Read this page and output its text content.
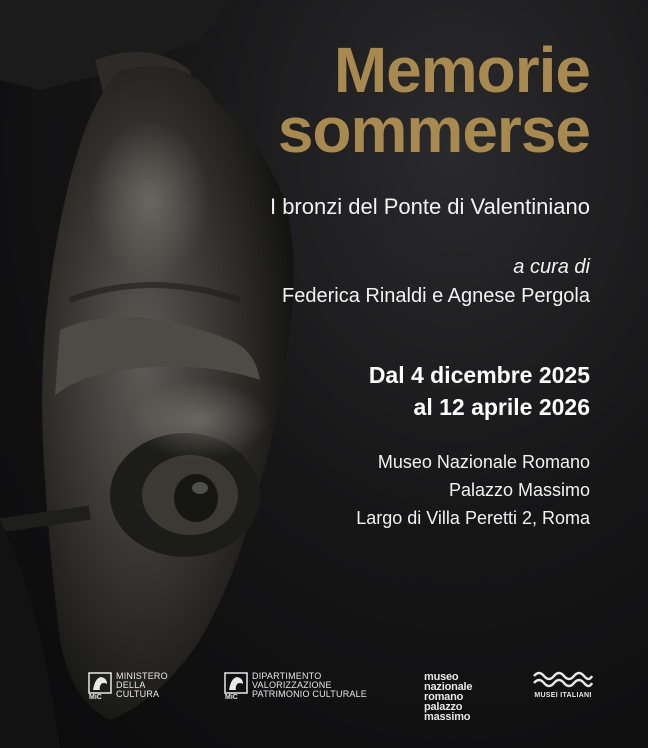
Memorie

sommerse

I bronzi del Ponte di Valentiniano

a cura di

Federica Rinaldi e Agnese Pergola

Dal 4 dicembre 2025

al 12 aprile 2026

Museo Nazionale Romano

Palazzo Massimo

Largo di Villa Peretti 2, Roma

MiC
MINISTERO
DELLA
CULTURA	MiC
DIPARTIMENTO
VALORIZZAZIONE
PATRIMONIO CULTURALE
museo
nazionale
romano
palazzo
massimo
MUSEI ITALIANI
